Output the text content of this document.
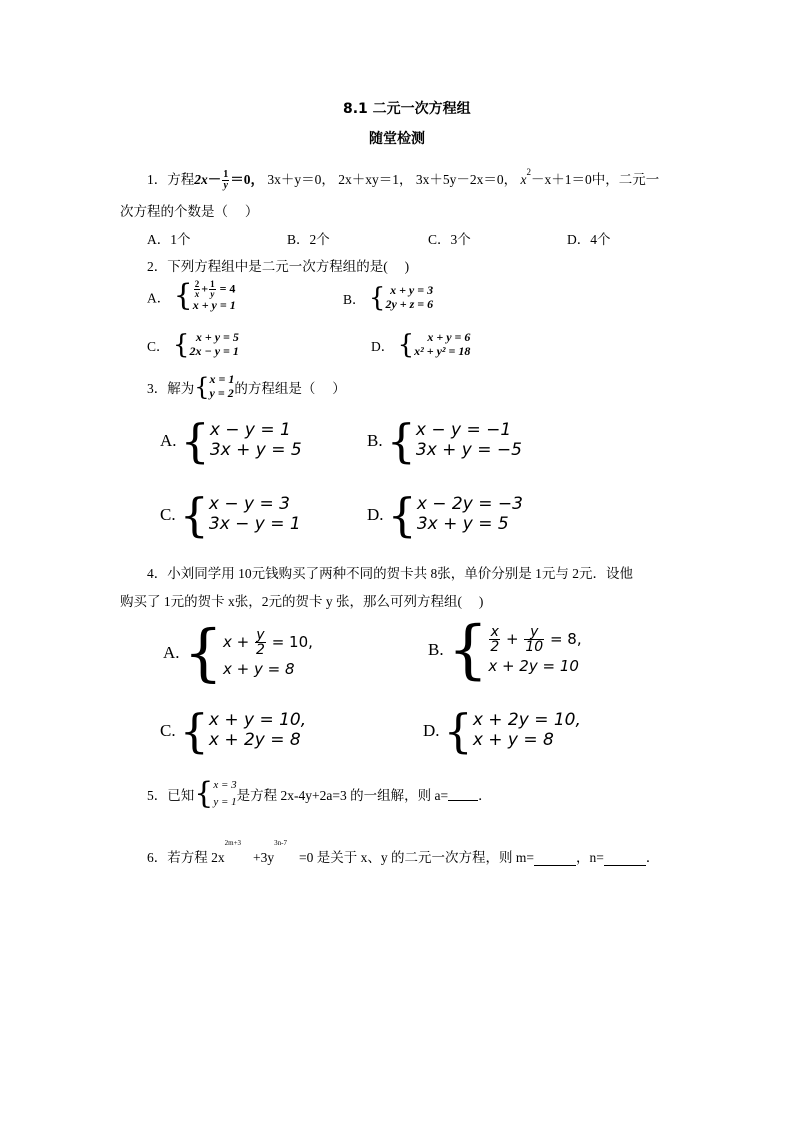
8.1 二元一次方程组
随堂检测
1．方程$2x- \frac{1}{y} =0$， 3x＋y＝0， 2x＋xy＝1， 3x＋5y－2x＝0， $x^2-x+1=0$中，二元一
次方程的个数是（　 ）
A．1个	B．2个	C．3个	D．4个
2．下列方程组中是二元一次方程组的是(　 )
A． { $\frac{2}{x} + \frac{1}{y} = 4$
x + y = 1	B． { x + y = 3
2y + z = 6
C． { x + y = 5
2x − y = 1	D． {	x + y = 6
x² + y² = 18
3．解为 { x = 1
y = 2 的方程组是（　 ）
A. { x − y = 1
3x + y = 5	B. { x − y = −1
3x + y = −5
C. { x − y = 3
3x − y = 1	D. { x − 2y = −3
3x + y = 5
4．小刘同学用 10元钱购买了两种不同的贺卡共 8张，单价分别是 1元与 2元．设他
购买了 1元的贺卡 x张，2元的贺卡 y 张，那么可列方程组(　 )
A. { $x + \frac{y}{2} = 10$,
x + y = 8
B. { $\frac{x}{2} + \frac{y}{10} = 8$,
x + 2y = 10
C. { x + y = 10,
x + 2y = 8	D. { x + 2y = 10,
x + y = 8
5．已知 { x = 3
y = 1 是方程 2x-4y+2a=3 的一组解，则 a= ．
6．若方程 $2x^{2m+3}+3y^{3n-7}=0$ 是关于 x、y 的二元一次方程，则 m=	，n=	．
